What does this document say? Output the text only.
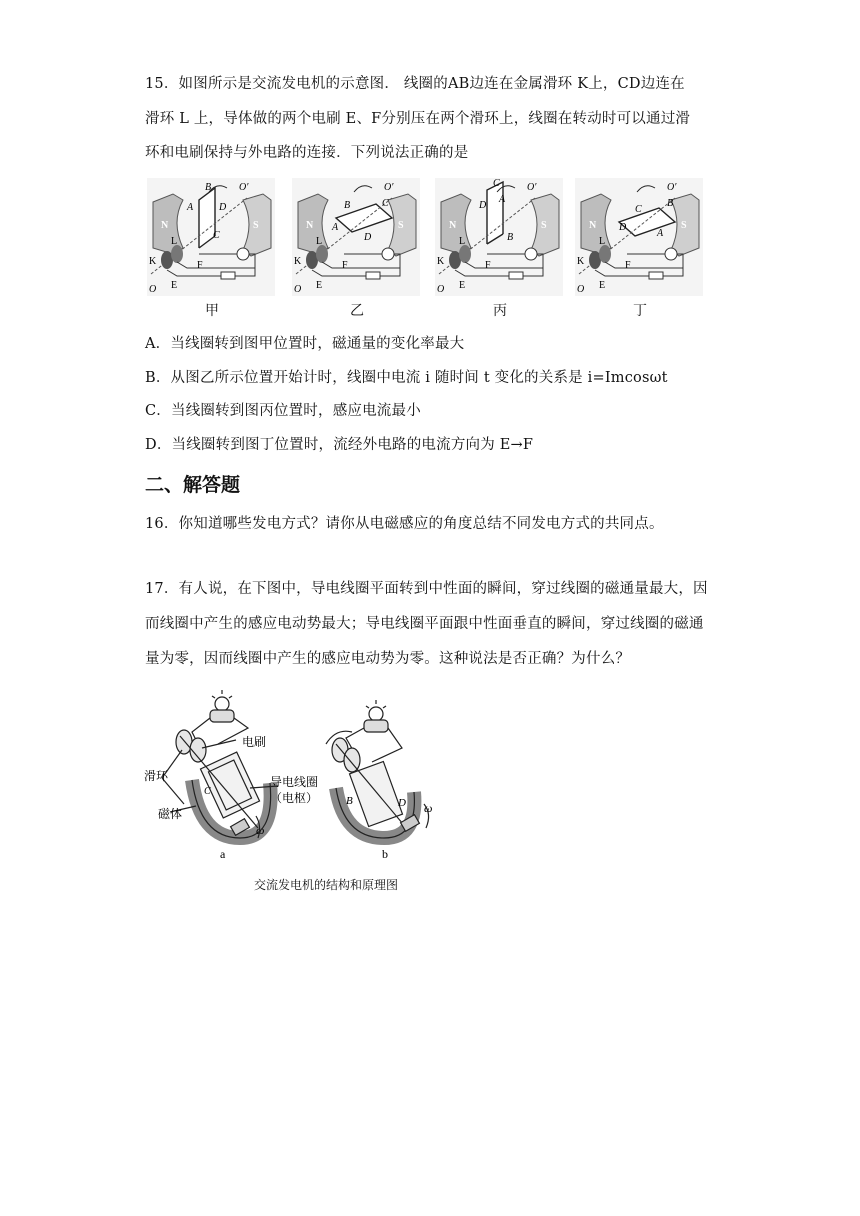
15．如图所示是交流发电机的示意图． 线圈的AB边连在金属滑环 K上，CD边连在
滑环 L 上，导体做的两个电刷 E、F分别压在两个滑环上，线圈在转动时可以通过滑
环和电刷保持与外电路的连接．下列说法正确的是
N	S
L
K
E
F
O
O′
B
A	D
C
甲
N	S
L
K
E
F
O
O′
B	C
A
D
乙
N	S
L
K
E
F
O
O′
C
D
A
B
丙
N	S
L
K
E
F
O
O′
C
D
B
A
丁
A．当线圈转到图甲位置时，磁通量的变化率最大
B．从图乙所示位置开始计时，线圈中电流 i 随时间 t 变化的关系是 i=Imcosωt
C．当线圈转到图丙位置时，感应电流最小
D．当线圈转到图丁位置时，流经外电路的电流方向为 E→F
二、解答题
16．你知道哪些发电方式？请你从电磁感应的角度总结不同发电方式的共同点。
17．有人说，在下图中，导电线圈平面转到中性面的瞬间，穿过线圈的磁通量最大，因
而线圈中产生的感应电动势最大；导电线圈平面跟中性面垂直的瞬间，穿过线圈的磁通
量为零，因而线圈中产生的感应电动势为零。这种说法是否正确？为什么？
电刷
滑环	导电线圈
（电枢）
磁体
ω
C
a
B	D ω
b
交流发电机的结构和原理图
